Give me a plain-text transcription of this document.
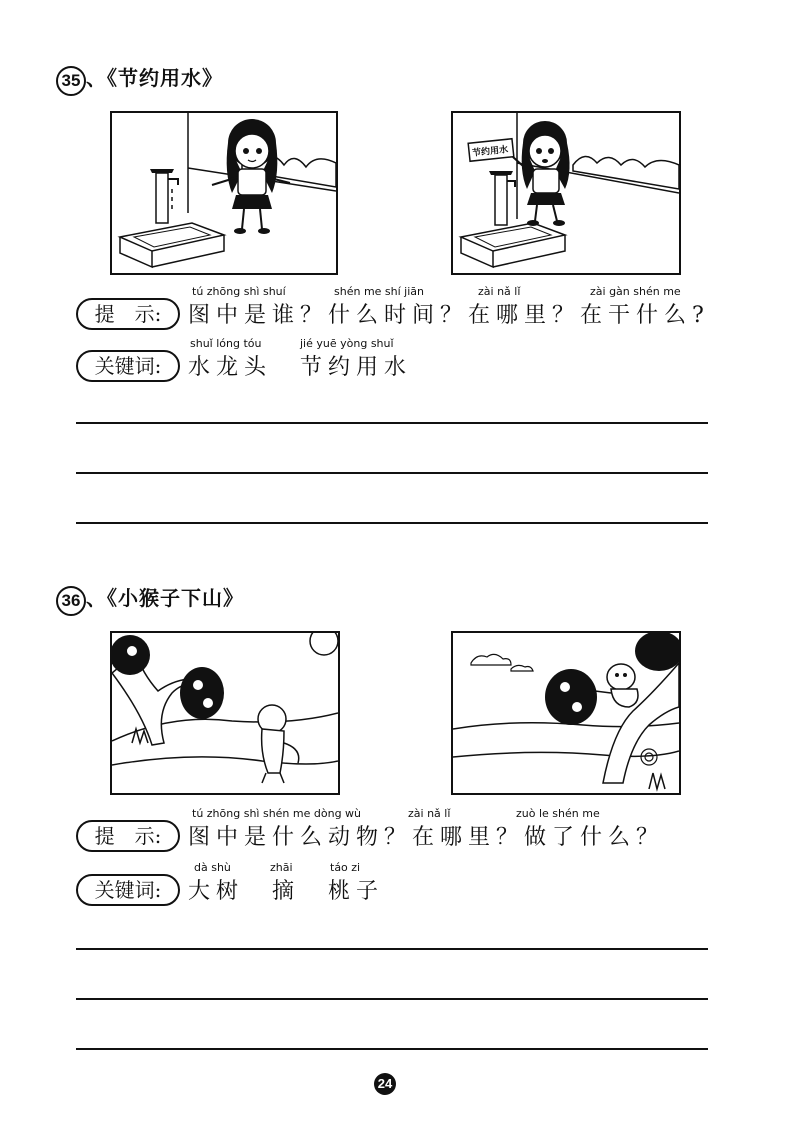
35 、《节约用水》
节约用水
tú zhōng shì shuí	shén me shí jiān	zài nǎ lǐ	zài gàn shén me
提　示:	图中是谁？什么时间？在哪里？在干什么?
shuǐ lóng tóu	jié yuē yòng shuǐ
关键词:	水龙头　节约用水
36 、《小猴子下山》
tú zhōng shì shén me dòng wù	zài nǎ lǐ	zuò le shén me
提　示:	图中是什么动物？在哪里？做了什么？
dà shù	zhāi	táo zi
关键词:	大树　摘　桃子
24
